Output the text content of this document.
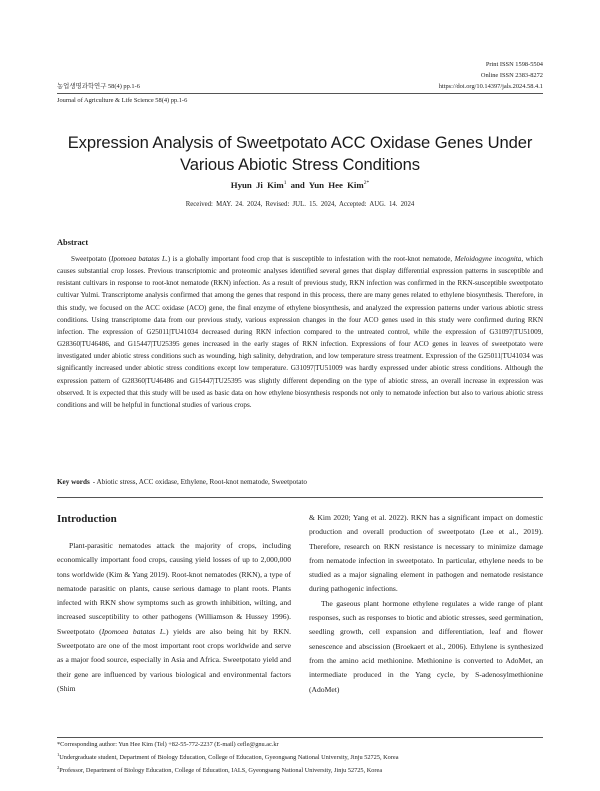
Print ISSN 1598-5504
Online ISSN 2383-8272
농업생명과학연구 58(4) pp.1-6	https://doi.org/10.14397/jals.2024.58.4.1
Journal of Agriculture & Life Science 58(4) pp.1-6
Expression Analysis of Sweetpotato ACC Oxidase Genes Under
Various Abiotic Stress Conditions
Hyun Ji Kim$^1$ and Yun Hee Kim$^{2*}$
Received: MAY. 24. 2024, Revised: JUL. 15. 2024, Accepted: AUG. 14. 2024
Abstract
Sweetpotato (Ipomoea batatas L.) is a globally important food crop that is susceptible to infestation with the root-knot nematode, Meloidogyne incognita, which causes substantial crop losses. Previous transcriptomic and proteomic analyses identified several genes that display differential expression patterns in susceptible and resistant cultivars in response to root-knot nematode (RKN) infection. As a result of previous study, RKN infection was confirmed in the RKN-susceptible sweetpotato cultivar Yulmi. Transcriptome analysis confirmed that among the genes that respond in this process, there are many genes related to ethylene biosynthesis. Therefore, in this study, we focused on the ACC oxidase (ACO) gene, the final enzyme of ethylene biosynthesis, and analyzed the expression patterns under various abiotic stress conditions. Using transcriptome data from our previous study, various expression changes in the four ACO genes used in this study were confirmed during RKN infection. The expression of G25011|TU41034 decreased during RKN infection compared to the untreated control, while the expression of G31097|TU51009, G28360|TU46486, and G15447|TU25395 genes increased in the early stages of RKN infection. Expressions of four ACO genes in leaves of sweetpotato were investigated under abiotic stress conditions such as wounding, high salinity, dehydration, and low temperature stress treatment. Expression of the G25011|TU41034 was significantly increased under abiotic stress conditions except low temperature. G31097|TU51009 was hardly expressed under abiotic stress conditions. Although the expression pattern of G28360|TU46486 and G15447|TU25395 was slightly different depending on the type of abiotic stress, an overall increase in expression was observed. It is expected that this study will be used as basic data on how ethylene biosynthesis responds not only to nematode infection but also to various abiotic stress conditions and will be helpful in functional studies of various crops.
Key words - Abiotic stress, ACC oxidase, Ethylene, Root-knot nematode, Sweetpotato
Introduction

Plant-parasitic nematodes attack the majority of crops, including economically important food crops, causing yield losses of up to 2,000,000 tons worldwide (Kim & Yang 2019). Root-knot nematodes (RKN), a type of nematode parasitic on plants, cause serious damage to plant roots. Plants infected with RKN show symptoms such as growth inhibition, wilting, and increased susceptibility to other pathogens (Williamson & Hussey 1996). Sweetpotato (Ipomoea batatas L.) yields are also being hit by RKN. Sweetpotato are one of the most important root crops worldwide and serve as a major food source, especially in Asia and Africa. Sweetpotato yield and their gene are influenced by various biological and environmental factors (Shim

& Kim 2020; Yang et al. 2022). RKN has a significant impact on domestic production and overall production of sweetpotato (Lee et al., 2019). Therefore, research on RKN resistance is necessary to minimize damage from nematode infection in sweetpotato. In particular, ethylene needs to be studied as a major signaling element in pathogen and nematode resistance during pathogenic infections.

The gaseous plant hormone ethylene regulates a wide range of plant responses, such as responses to biotic and abiotic stresses, seed germination, seedling growth, cell expansion and differentiation, leaf and flower senescence and abscission (Broekaert et al., 2006). Ethylene is synthesized from the amino acid methionine. Methionine is converted to AdoMet, an intermediate produced in the Yang cycle, by S-adenosylmethionine (AdoMet)

*Corresponding author: Yun Hee Kim (Tel) +82-55-772-2237 (E-mail) cefle@gnu.ac.kr
$^1$Undergraduate student, Department of Biology Education, College of Education, Gyeongsang National University, Jinju 52725, Korea
$^2$Professor, Department of Biology Education, College of Education, IALS, Gyeongsang National University, Jinju 52725, Korea
